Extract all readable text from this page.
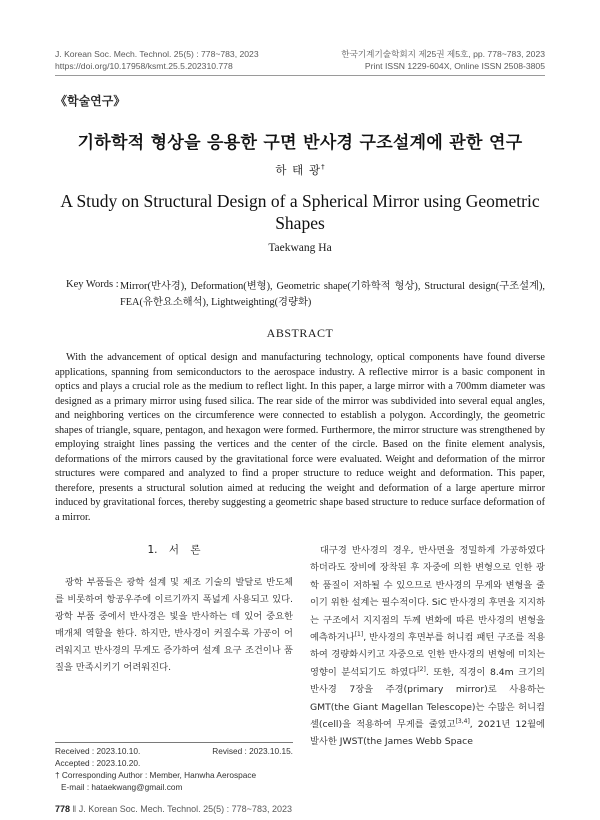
J. Korean Soc. Mech. Technol. 25(5) : 778~783, 2023
https://doi.org/10.17958/ksmt.25.5.202310.778
한국기계기술학회지 제25권 제5호, pp. 778~783, 2023
Print ISSN 1229-604X, Online ISSN 2508-3805
《학술연구》
기하학적 형상을 응용한 구면 반사경 구조설계에 관한 연구
하 태 광†
A Study on Structural Design of a Spherical Mirror using Geometric Shapes
Taekwang Ha
Key Words : Mirror(반사경), Deformation(변형), Geometric shape(기하학적 형상), Structural design(구조설계), FEA(유한요소해석), Lightweighting(경량화)
ABSTRACT

With the advancement of optical design and manufacturing technology, optical components have found diverse applications, spanning from semiconductors to the aerospace industry. A reflective mirror is a basic component in optics and plays a crucial role as the medium to reflect light. In this paper, a large mirror with a 700mm diameter was designed as a primary mirror using fused silica. The rear side of the mirror was subdivided into several equal angles, and neighboring vertices on the circumference were connected to establish a polygon. Accordingly, the geometric shapes of triangle, square, pentagon, and hexagon were formed. Furthermore, the mirror structure was strengthened by employing straight lines passing the vertices and the center of the circle. Based on the finite element analysis, deformations of the mirrors caused by the gravitational force were evaluated. Weight and deformation of the mirror structures were compared and analyzed to find a proper structure to reduce weight and deformation. This paper, therefore, presents a structural solution aimed at reducing the weight and deformation of a large aperture mirror induced by gravitational forces, thereby suggesting a geometric shape based structure to reduce surface deformation of a mirror.

1. 서 론

광학 부품들은 광학 설계 및 제조 기술의 발달로 반도체를 비롯하여 항공우주에 이르기까지 폭넓게 사용되고 있다. 광학 부품 중에서 반사경은 빛을 반사하는 데 있어 중요한 매개체 역할을 한다. 하지만, 반사경이 커질수록 가공이 어려워지고 반사경의 무게도 증가하여 설계 요구 조건이나 품질을 만족시키기 어려워진다.

Received : 2023.10.10.	Revised : 2023.10.15.
Accepted : 2023.10.20.
† Corresponding Author : Member, Hanwha Aerospace
E-mail : hataekwang@gmail.com

대구경 반사경의 경우, 반사면을 정밀하게 가공하였다 하더라도 장비에 장착된 후 자중에 의한 변형으로 인한 광학 품질이 저하될 수 있으므로 반사경의 무게와 변형을 줄이기 위한 설계는 필수적이다. SiC 반사경의 후면을 지지하는 구조에서 지지점의 두께 변화에 따른 반사경의 변형을 예측하거나[1], 반사경의 후면부를 허니컴 패턴 구조를 적용하여 경량화시키고 자중으로 인한 반사경의 변형에 미치는 영향이 분석되기도 하였다[2]. 또한, 직경이 8.4m 크기의 반사경 7장을 주경(primary mirror)로 사용하는 GMT(the Giant Magellan Telescope)는 수많은 허니컴 셀(cell)을 적용하여 무게를 줄였고[3,4], 2021년 12월에 발사한 JWST(the James Webb Space

778 ‖ J. Korean Soc. Mech. Technol. 25(5) : 778~783, 2023
